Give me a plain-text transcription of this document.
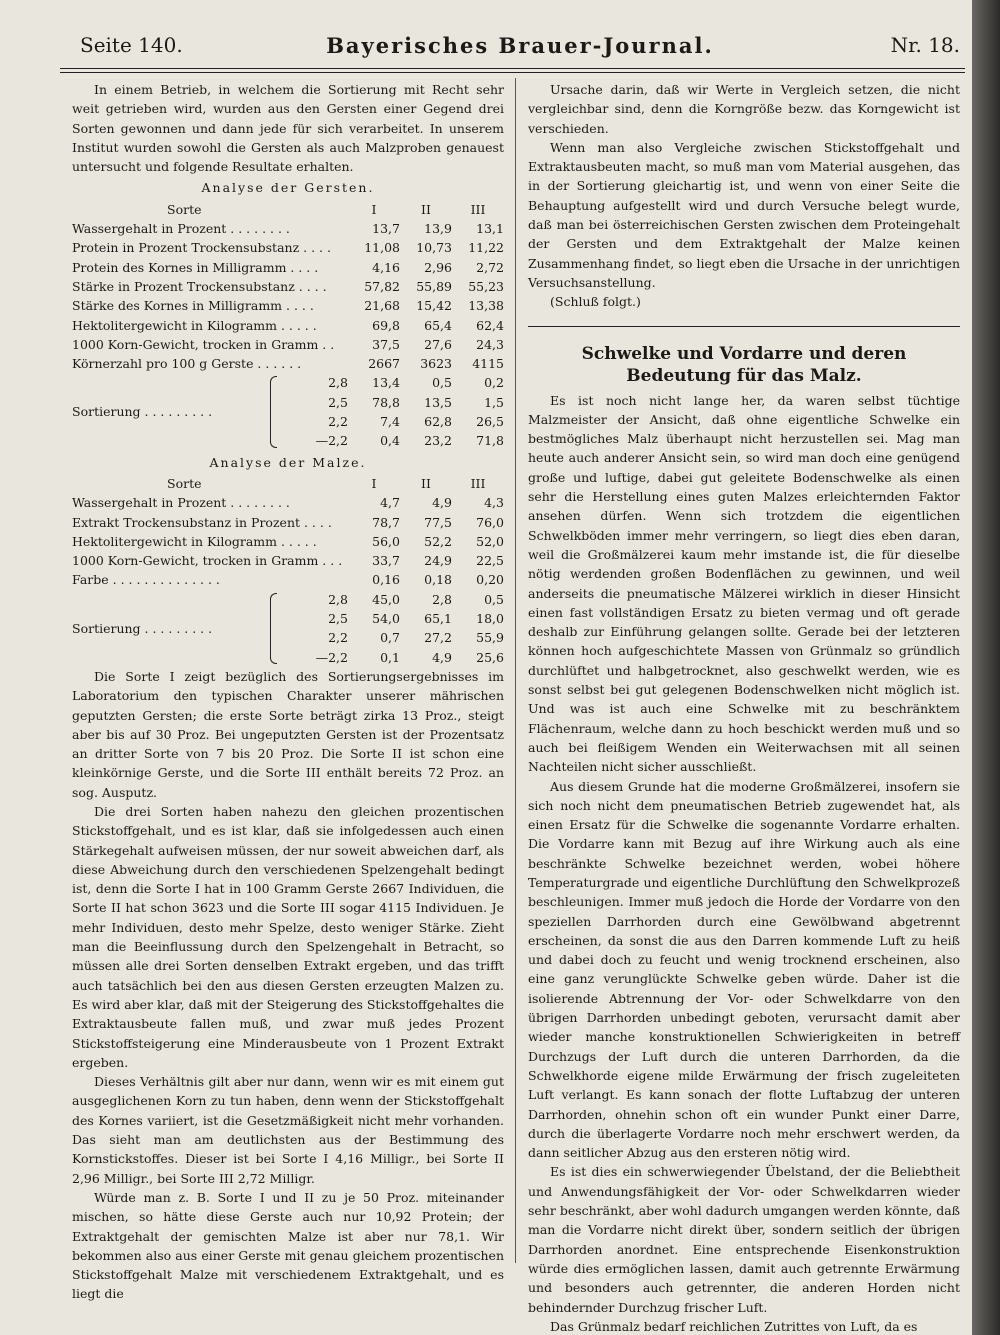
Seite 140.	Bayerisches Brauer-Journal.	Nr. 18.

In einem Betrieb, in welchem die Sortierung mit Recht sehr weit getrieben wird, wurden aus den Gersten einer Gegend drei Sorten gewonnen und dann jede für sich verarbeitet. In unserem Institut wurden sowohl die Gersten als auch Malzproben genauest untersucht und folgende Resultate erhalten.

Analyse der Gersten.
Sorte			I	II	III
Wassergehalt in Prozent . . . . . . . .			13,7	13,9	13,1
Protein in Prozent Trockensubstanz . . . .			11,08	10,73	11,22
Protein des Kornes in Milligramm . . . .			4,16	2,96	2,72
Stärke in Prozent Trockensubstanz . . . .			57,82	55,89	55,23
Stärke des Kornes in Milligramm . . . .			21,68	15,42	13,38
Hektolitergewicht in Kilogramm . . . . .			69,8	65,4	62,4
1000 Korn-Gewicht, trocken in Gramm . .			37,5	27,6	24,3
Körnerzahl pro 100 g Gerste . . . . . .			2667	3623	4115
Sortierung . . . . . . . . .		2,8	13,4	0,5	0,2
		2,5	78,8	13,5	1,5
		2,2	7,4	62,8	26,5
		—2,2	0,4	23,2	71,8
Analyse der Malze.
Sorte			I	II	III
Wassergehalt in Prozent . . . . . . . .			4,7	4,9	4,3
Extrakt Trockensubstanz in Prozent . . . .			78,7	77,5	76,0
Hektolitergewicht in Kilogramm . . . . .			56,0	52,2	52,0
1000 Korn-Gewicht, trocken in Gramm . . .			33,7	24,9	22,5
Farbe . . . . . . . . . . . . . .			0,16	0,18	0,20
Sortierung . . . . . . . . .		2,8	45,0	2,8	0,5
		2,5	54,0	65,1	18,0
		2,2	0,7	27,2	55,9
		—2,2	0,1	4,9	25,6

Die Sorte I zeigt bezüglich des Sortierungsergebnisses im Laboratorium den typischen Charakter unserer mährischen geputzten Gersten; die erste Sorte beträgt zirka 13 Proz., steigt aber bis auf 30 Proz. Bei ungeputzten Gersten ist der Prozentsatz an dritter Sorte von 7 bis 20 Proz. Die Sorte II ist schon eine kleinkörnige Gerste, und die Sorte III enthält bereits 72 Proz. an sog. Ausputz.

Die drei Sorten haben nahezu den gleichen prozentischen Stickstoffgehalt, und es ist klar, daß sie infolgedessen auch einen Stärkegehalt aufweisen müssen, der nur soweit abweichen darf, als diese Abweichung durch den verschiedenen Spelzengehalt bedingt ist, denn die Sorte I hat in 100 Gramm Gerste 2667 Individuen, die Sorte II hat schon 3623 und die Sorte III sogar 4115 Individuen. Je mehr Individuen, desto mehr Spelze, desto weniger Stärke. Zieht man die Beeinflussung durch den Spelzengehalt in Betracht, so müssen alle drei Sorten denselben Extrakt ergeben, und das trifft auch tatsächlich bei den aus diesen Gersten erzeugten Malzen zu. Es wird aber klar, daß mit der Steigerung des Stickstoffgehaltes die Extraktausbeute fallen muß, und zwar muß jedes Prozent Stickstoffsteigerung eine Minderausbeute von 1 Prozent Extrakt ergeben.

Dieses Verhältnis gilt aber nur dann, wenn wir es mit einem gut ausgeglichenen Korn zu tun haben, denn wenn der Stickstoffgehalt des Kornes variiert, ist die Gesetzmäßigkeit nicht mehr vorhanden. Das sieht man am deutlichsten aus der Bestimmung des Kornstickstoffes. Dieser ist bei Sorte I 4,16 Milligr., bei Sorte II 2,96 Milligr., bei Sorte III 2,72 Milligr.

Würde man z. B. Sorte I und II zu je 50 Proz. miteinander mischen, so hätte diese Gerste auch nur 10,92 Protein; der Extraktgehalt der gemischten Malze ist aber nur 78,1. Wir bekommen also aus einer Gerste mit genau gleichem prozentischen Stickstoffgehalt Malze mit verschiedenem Extraktgehalt, und es liegt die

Ursache darin, daß wir Werte in Vergleich setzen, die nicht vergleichbar sind, denn die Korngröße bezw. das Korngewicht ist verschieden.

Wenn man also Vergleiche zwischen Stickstoffgehalt und Extraktausbeuten macht, so muß man vom Material ausgehen, das in der Sortierung gleichartig ist, und wenn von einer Seite die Behauptung aufgestellt wird und durch Versuche belegt wurde, daß man bei österreichischen Gersten zwischen dem Proteingehalt der Gersten und dem Extraktgehalt der Malze keinen Zusammenhang findet, so liegt eben die Ursache in der unrichtigen Versuchsanstellung.

(Schluß folgt.)

Schwelke und Vordarre und deren Bedeutung für das Malz.

Es ist noch nicht lange her, da waren selbst tüchtige Malzmeister der Ansicht, daß ohne eigentliche Schwelke ein bestmögliches Malz überhaupt nicht herzustellen sei. Mag man heute auch anderer Ansicht sein, so wird man doch eine genügend große und luftige, dabei gut geleitete Bodenschwelke als einen sehr die Herstellung eines guten Malzes erleichternden Faktor ansehen dürfen. Wenn sich trotzdem die eigentlichen Schwelkböden immer mehr verringern, so liegt dies eben daran, weil die Großmälzerei kaum mehr imstande ist, die für dieselbe nötig werdenden großen Bodenflächen zu gewinnen, und weil anderseits die pneumatische Mälzerei wirklich in dieser Hinsicht einen fast vollständigen Ersatz zu bieten vermag und oft gerade deshalb zur Einführung gelangen sollte. Gerade bei der letzteren können hoch aufgeschichtete Massen von Grünmalz so gründlich durchlüftet und halbgetrocknet, also geschwelkt werden, wie es sonst selbst bei gut gelegenen Bodenschwelken nicht möglich ist. Und was ist auch eine Schwelke mit zu beschränktem Flächenraum, welche dann zu hoch beschickt werden muß und so auch bei fleißigem Wenden ein Weiterwachsen mit all seinen Nachteilen nicht sicher ausschließt.

Aus diesem Grunde hat die moderne Großmälzerei, insofern sie sich noch nicht dem pneumatischen Betrieb zugewendet hat, als einen Ersatz für die Schwelke die sogenannte Vordarre erhalten. Die Vordarre kann mit Bezug auf ihre Wirkung auch als eine beschränkte Schwelke bezeichnet werden, wobei höhere Temperaturgrade und eigentliche Durchlüftung den Schwelkprozeß beschleunigen. Immer muß jedoch die Horde der Vordarre von den speziellen Darrhorden durch eine Gewölbwand abgetrennt erscheinen, da sonst die aus den Darren kommende Luft zu heiß und dabei doch zu feucht und wenig trocknend erscheinen, also eine ganz verunglückte Schwelke geben würde. Daher ist die isolierende Abtrennung der Vor- oder Schwelkdarre von den übrigen Darrhorden unbedingt geboten, verursacht damit aber wieder manche konstruktionellen Schwierigkeiten in betreff Durchzugs der Luft durch die unteren Darrhorden, da die Schwelkhorde eigene milde Erwärmung der frisch zugeleiteten Luft verlangt. Es kann sonach der flotte Luftabzug der unteren Darrhorden, ohnehin schon oft ein wunder Punkt einer Darre, durch die überlagerte Vordarre noch mehr erschwert werden, da dann seitlicher Abzug aus den ersteren nötig wird.

Es ist dies ein schwerwiegender Übelstand, der die Beliebtheit und Anwendungsfähigkeit der Vor- oder Schwelkdarren wieder sehr beschränkt, aber wohl dadurch umgangen werden könnte, daß man die Vordarre nicht direkt über, sondern seitlich der übrigen Darrhorden anordnet. Eine entsprechende Eisenkonstruktion würde dies ermöglichen lassen, damit auch getrennte Erwärmung und besonders auch getrennter, die anderen Horden nicht behindernder Durchzug frischer Luft.

Das Grünmalz bedarf reichlichen Zutrittes von Luft, da es
